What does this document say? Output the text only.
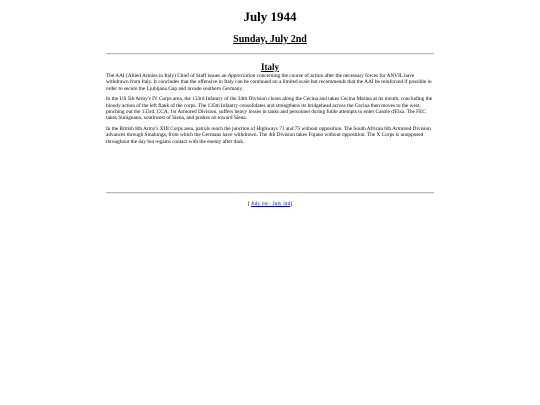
July 1944
Sunday, July 2nd
Italy

The AAI (Allied Armies in Italy) Chief of Staff issues an Appreciation concerning the course of action after the necessary forces for ANVIL have withdrawn from Italy. It concludes that the offensive in Italy can be continued on a limited scale but recommends that the AAI be reinforced if possible in order to secure the Ljubljana Gap and invade southern Germany.

In the US 5th Army's IV Corps area, the 133rd Infantry of the 34th Division closes along the Cecina and takes Cecina Marina at its mouth, concluding the bloody action of the left flank of the corps. The 135th Infantry consolidates and strengthens its bridgehead across the Cecina then moves to the west, pinching out the 133rd. CCA, 1st Armored Division, suffers heavy losses in tanks and personnel during futile attempts to enter Casole d'Elsa. The FEC takes Simignano, southwest of Siena, and pushes on toward Siena.

In the British 8th Army's XIII Corps area, patrols reach the junction of Highways 71 and 75 without opposition. The South African 6th Armored Division advances through Sinalunga, from which the Germans have withdrawn. The 4th Division takes Fojano without opposition. The X Corps is unopposed throughout the day but regains contact with the enemy after dark.

[ July 1st - July 3rd]
